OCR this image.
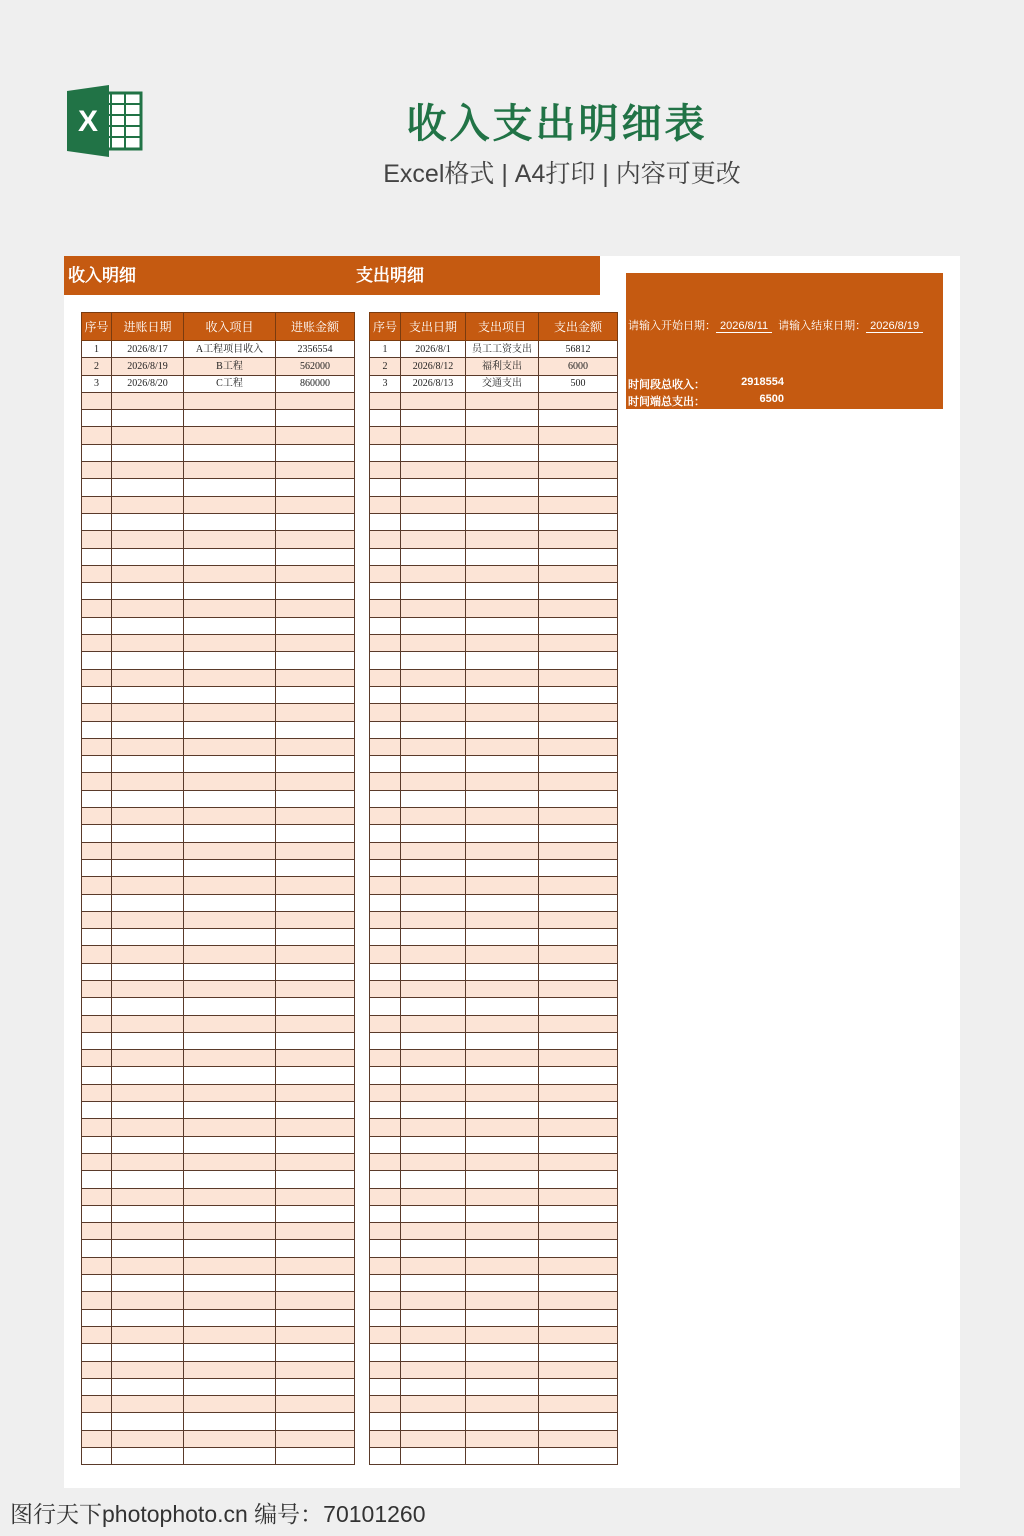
X	收入支出明细表
Excel格式 | A4打印 | 内容可更改
收入明细	支出明细
序号	进账日期	收入项目	进账金额
1	2026/8/17	A工程项目收入	2356554
2	2026/8/19	B工程	562000
3	2026/8/20	C工程	860000

序号	支出日期	支出项目	支出金额
1	2026/8/1	员工工资支出	56812
2	2026/8/12	福利支出	6000
3	2026/8/13	交通支出	500

请输入开始日期： 2026/8/11 请输入结束日期： 2026/8/19
时间段总收入：	2918554
时间端总支出：	6500
图行天下photophoto.cn 编号：70101260
